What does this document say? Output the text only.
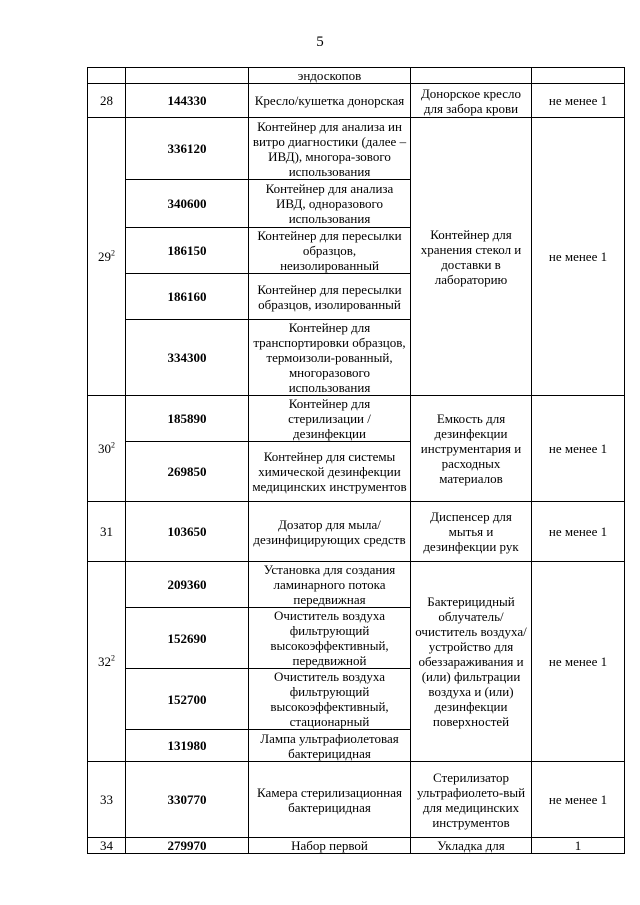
5
		эндоскопов		
28	144330	Кресло/кушетка донорская	Донорское кресло для забора крови	не менее 1
$29^2$	336120	Контейнер для анализа ин витро диагностики (далее – ИВД), многора-зового использования	Контейнер для хранения стекол и доставки в лабораторию	не менее 1
	340600	Контейнер для анализа ИВД, одноразового использования		
	186150	Контейнер для пересылки образцов, неизолированный		
	186160	Контейнер для пересылки образцов, изолированный		
	334300	Контейнер для транспортировки образцов, термоизоли-рованный, многоразового использования		
$30^2$	185890	Контейнер для стерилизации /дезинфекции	Емкость для дезинфекции инструментария и расходных материалов	не менее 1
	269850	Контейнер для системы химической дезинфекции медицинских инструментов		
31	103650	Дозатор для мыла/ дезинфицирующих средств	Диспенсер для мытья и дезинфекции рук	не менее 1
$32^2$	209360	Установка для создания ламинарного потока передвижная	Бактерицидный облучатель/ очиститель воздуха/ устройство для обеззараживания и (или) фильтрации воздуха и (или) дезинфекции поверхностей	не менее 1
	152690	Очиститель воздуха фильтрующий высокоэффективный, передвижной		
	152700	Очиститель воздуха фильтрующий высокоэффективный, стационарный		
	131980	Лампа ультрафиолетовая бактерицидная		
33	330770	Камера стерилизационная бактерицидная	Стерилизатор ультрафиолето-вый для медицинских инструментов	не менее 1
34	279970	Набор первой	Укладка для	1
